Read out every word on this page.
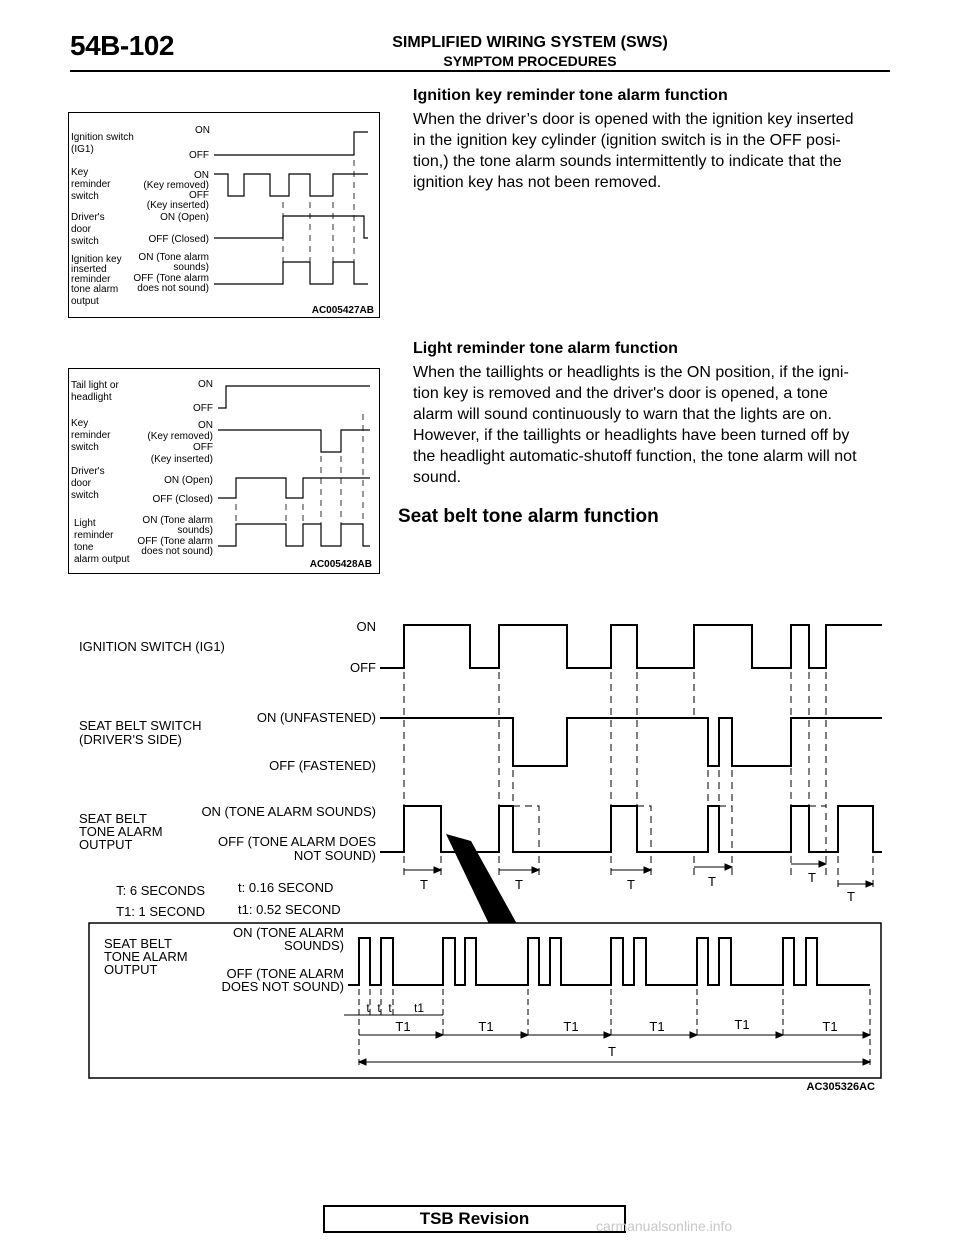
54B-102	SIMPLIFIED WIRING SYSTEM (SWS)
SYMPTOM PROCEDURES
Ignition key reminder tone alarm function
When the driver’s door is opened with the ignition key inserted
in the ignition key cylinder (ignition switch is in the OFF posi-
tion,) the tone alarm sounds intermittently to indicate that the
ignition key has not been removed.
Light reminder tone alarm function
When the taillights or headlights is the ON position, if the igni-
tion key is removed and the driver's door is opened, a tone
alarm will sound continuously to warn that the lights are on.
However, if the taillights or headlights have been turned off by
the headlight automatic-shutoff function, the tone alarm will not
sound.
Seat belt tone alarm function
Ignition switch
(IG1)
ON
OFF
Key
reminder
switch
ON
(Key removed)
OFF
(Key inserted)
Driver's
door
switch
ON (Open)
OFF (Closed)
Ignition key
inserted
reminder
tone alarm
output
ON (Tone alarm
sounds)
OFF (Tone alarm
does not sound)
AC005427AB
Tail light or
headlight
ON
OFF
Key
reminder
switch
ON
(Key removed)
OFF
(Key inserted)
Driver's
door
switch
ON (Open)
OFF (Closed)
Light
reminder
tone
alarm output
ON (Tone alarm
sounds)
OFF (Tone alarm
does not sound)
AC005428AB
IGNITION SWITCH (IG1)
ON
OFF
SEAT BELT SWITCH
(DRIVER'S SIDE)
ON (UNFASTENED)
OFF (FASTENED)
SEAT BELT
TONE ALARM
OUTPUT
ON (TONE ALARM SOUNDS)
OFF (TONE ALARM DOES
NOT SOUND)
T: 6 SECONDS
T1: 1 SECOND
t: 0.16 SECOND
t1: 0.52 SECOND
T	T	T	T	T
T
SEAT BELT
TONE ALARM
OUTPUT
ON (TONE ALARM
SOUNDS)
OFF (TONE ALARM
DOES NOT SOUND)
t t t t1
T1	T1	T1	T1	T1	T1
T
AC305326AC
TSB Revision	carmanualsonline.info
